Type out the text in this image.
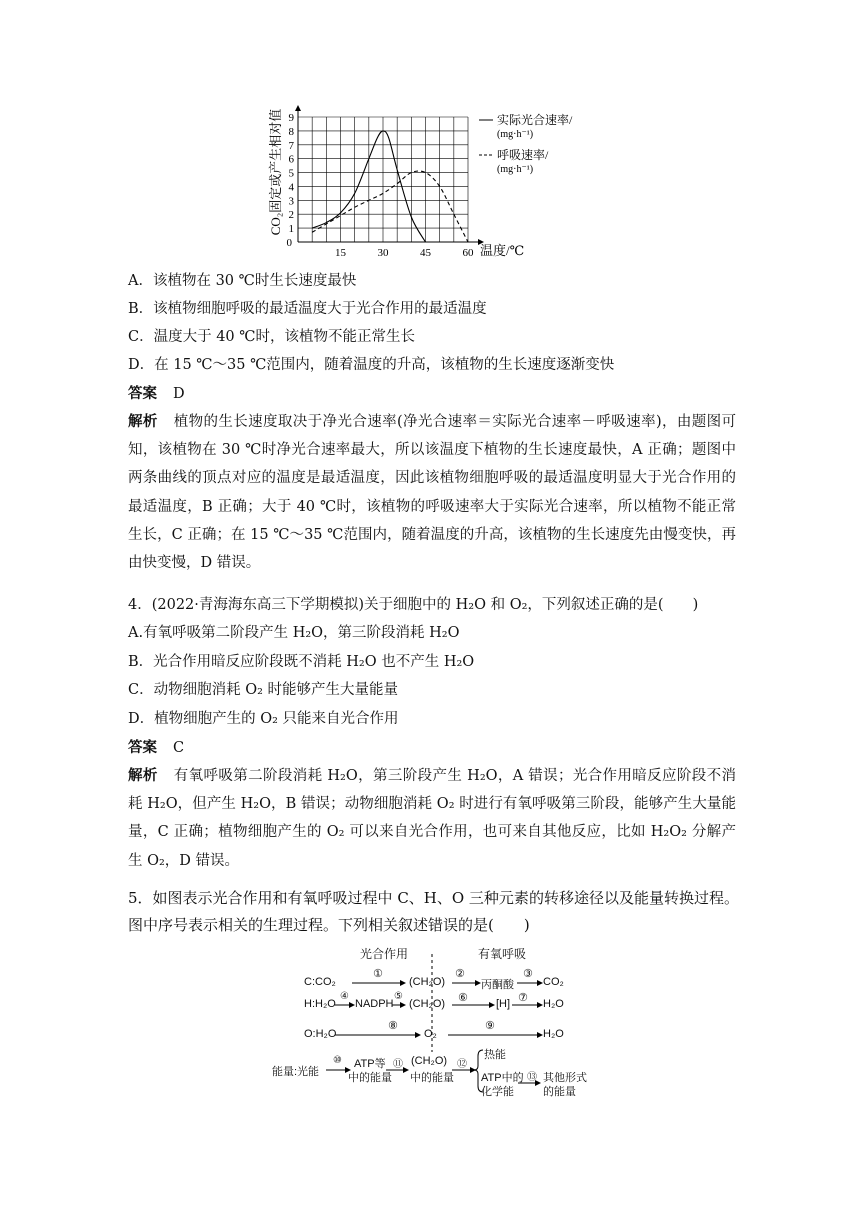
1
2
3
4
5
6
7
8
9
0
15	30	45	60
CO₂固定或产生相对值
温度/℃
实际光合速率/
(mg·h⁻¹)
呼吸速率/
(mg·h⁻¹)
A．该植物在 30 ℃时生长速度最快
B．该植物细胞呼吸的最适温度大于光合作用的最适温度
C．温度大于 40 ℃时，该植物不能正常生长
D．在 15 ℃～35 ℃范围内，随着温度的升高，该植物的生长速度逐渐变快
答案 D
解析 植物的生长速度取决于净光合速率(净光合速率＝实际光合速率－呼吸速率)，由题图可知，该植物在 30 ℃时净光合速率最大，所以该温度下植物的生长速度最快，A 正确；题图中两条曲线的顶点对应的温度是最适温度，因此该植物细胞呼吸的最适温度明显大于光合作用的最适温度，B 正确；大于 40 ℃时，该植物的呼吸速率大于实际光合速率，所以植物不能正常生长，C 正确；在 15 ℃～35 ℃范围内，随着温度的升高，该植物的生长速度先由慢变快，再由快变慢，D 错误。
4．(2022·青海海东高三下学期模拟)关于细胞中的 H₂O 和 O₂，下列叙述正确的是(　　)
A.有氧呼吸第二阶段产生 H₂O，第三阶段消耗 H₂O
B．光合作用暗反应阶段既不消耗 H₂O 也不产生 H₂O
C．动物细胞消耗 O₂ 时能够产生大量能量
D．植物细胞产生的 O₂ 只能来自光合作用
答案 C
解析 有氧呼吸第二阶段消耗 H₂O，第三阶段产生 H₂O，A 错误；光合作用暗反应阶段不消耗 H₂O，但产生 H₂O，B 错误；动物细胞消耗 O₂ 时进行有氧呼吸第三阶段，能够产生大量能量，C 正确；植物细胞产生的 O₂ 可以来自光合作用，也可来自其他反应，比如 H₂O₂ 分解产生 O₂，D 错误。
5．如图表示光合作用和有氧呼吸过程中 C、H、O 三种元素的转移途径以及能量转换过程。
图中序号表示相关的生理过程。下列相关叙述错误的是(　　)
光合作用	有氧呼吸
C:CO₂
①
(CH₂O)
②
丙酮酸
③
CO₂
H:H₂O
④
NADPH
⑤
(CH₂O) ⑥	[H] ⑦ H₂O
O:H₂O
⑧
O₂
⑨
H₂O
能量:光能
⑩ ATP等
中的能量
⑪ (CH₂O)
中的能量
⑫
热能
ATP中的
化学能
⑬ 其他形式
的能量
